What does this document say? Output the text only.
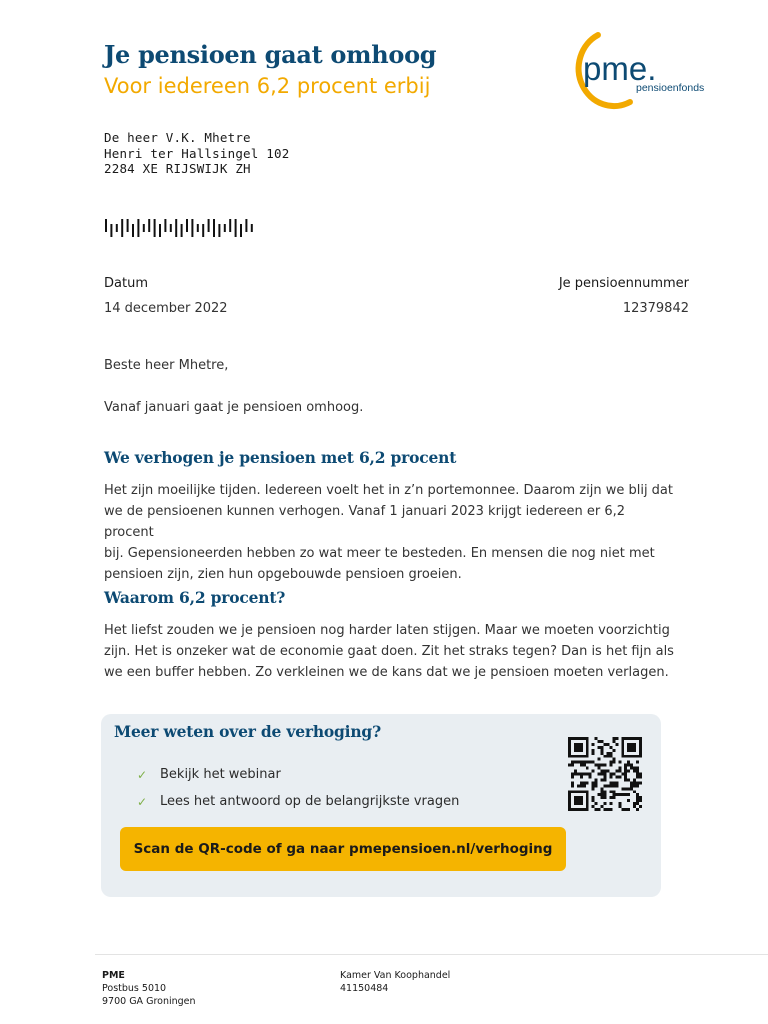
Je pensioen gaat omhoog
Voor iedereen 6,2 procent erbij	pme.
pensioenfonds
De heer V.K. Mhetre
Henri ter Hallsingel 102
2284 XE RIJSWIJK ZH
Datum
14 december 2022
Je pensioennummer
12379842

Beste heer Mhetre,

Vanaf januari gaat je pensioen omhoog.

We verhogen je pensioen met 6,2 procent
Het zijn moeilijke tijden. Iedereen voelt het in z’n portemonnee. Daarom zijn we blij dat
we de pensioenen kunnen verhogen. Vanaf 1 januari 2023 krijgt iedereen er 6,2 procent
bij. Gepensioneerden hebben zo wat meer te besteden. En mensen die nog niet met
pensioen zijn, zien hun opgebouwde pensioen groeien.
Waarom 6,2 procent?
Het liefst zouden we je pensioen nog harder laten stijgen. Maar we moeten voorzichtig
zijn. Het is onzeker wat de economie gaat doen. Zit het straks tegen? Dan is het fijn als
we een buffer hebben. Zo verkleinen we de kans dat we je pensioen moeten verlagen.
Meer weten over de verhoging?
✓ Bekijk het webinar
✓ Lees het antwoord op de belangrijkste vragen
Scan de QR-code of ga naar pmepensioen.nl/verhoging
PME
Postbus 5010
9700 GA Groningen
Kamer Van Koophandel
41150484
